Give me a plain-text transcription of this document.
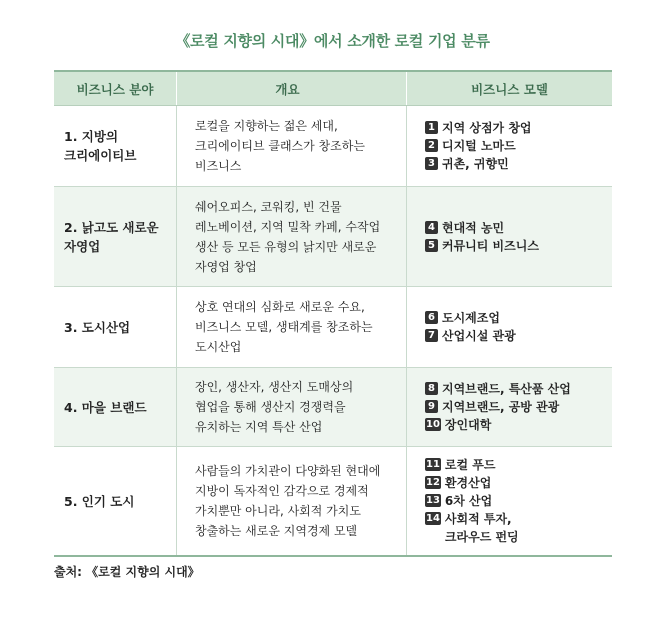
《로컬 지향의 시대》에서 소개한 로컬 기업 분류
비즈니스 분야	개요	비즈니스 모델
1. 지방의
크리에이티브
로컬을 지향하는 젊은 세대,
크리에이티브 클래스가 창조하는
비즈니스
1 지역 상점가 창업
2 디지털 노마드
3 귀촌, 귀향민
2. 낡고도 새로운
자영업
쉐어오피스, 코워킹, 빈 건물
레노베이션, 지역 밀착 카페, 수작업
생산 등 모든 유형의 낡지만 새로운
자영업 창업
4 현대적 농민
5 커뮤니티 비즈니스
3. 도시산업
상호 연대의 심화로 새로운 수요,
비즈니스 모델, 생태계를 창조하는
도시산업
6 도시제조업
7 산업시설 관광
4. 마을 브랜드
장인, 생산자, 생산지 도매상의
협업을 통해 생산지 경쟁력을
유치하는 지역 특산 산업
8 지역브랜드, 특산품 산업
9 지역브랜드, 공방 관광
10 장인대학
5. 인기 도시
사람들의 가치관이 다양화된 현대에
지방이 독자적인 감각으로 경제적
가치뿐만 아니라, 사회적 가치도
창출하는 새로운 지역경제 모델
11 로컬 푸드
12 환경산업
13 6차 산업
14 사회적 투자,
크라우드 펀딩
출처: 《로컬 지향의 시대》
